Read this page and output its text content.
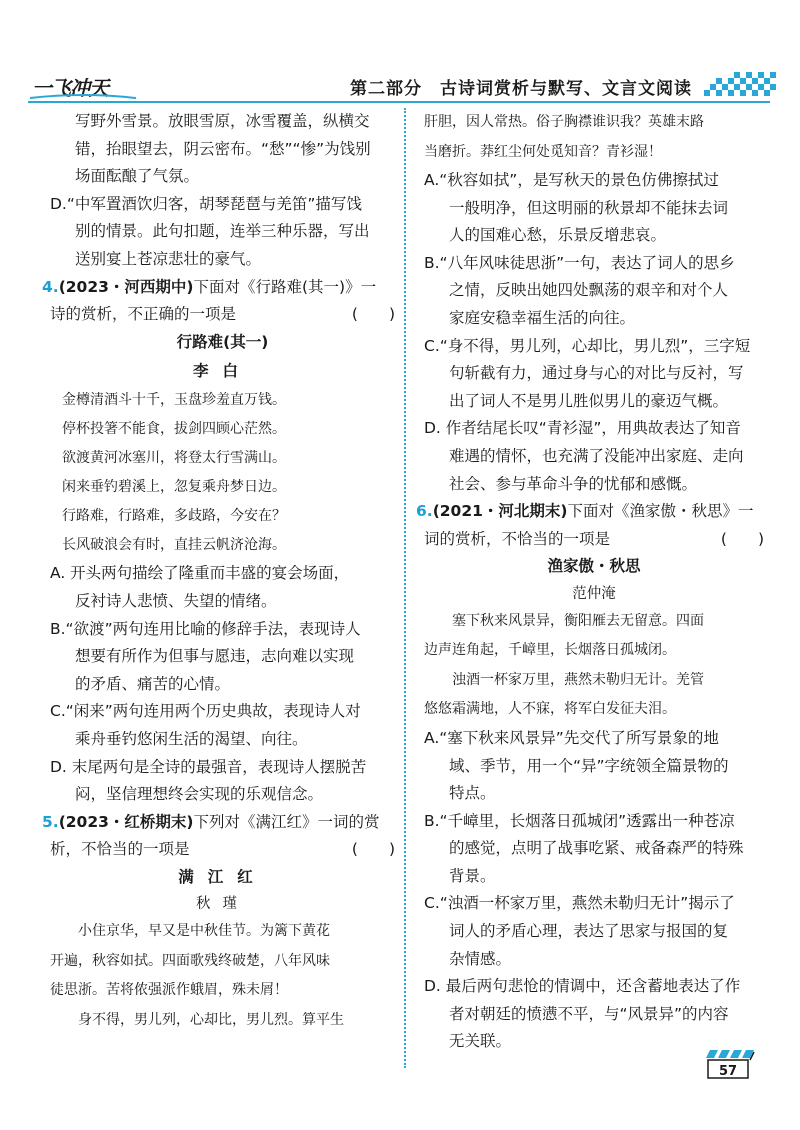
一飞冲天	第二部分　古诗词赏析与默写、文言文阅读

写野外雪景。放眼雪原，冰雪覆盖，纵横交

错，抬眼望去，阴云密布。“愁”“惨”为饯别

场面酝酿了气氛。

D.“中军置酒饮归客，胡琴琵琶与羌笛”描写饯

别的情景。此句扣题，连举三种乐器，写出

送别宴上苍凉悲壮的豪气。

4.(2023・河西期中)下面对《行路难(其一)》一

诗的赏析，不正确的一项是	(　　)

行路难(其一)

李白

金樽清酒斗十千，玉盘珍羞直万钱。

停杯投箸不能食，拔剑四顾心茫然。

欲渡黄河冰塞川，将登太行雪满山。

闲来垂钓碧溪上，忽复乘舟梦日边。

行路难，行路难，多歧路，今安在？

长风破浪会有时，直挂云帆济沧海。

A. 开头两句描绘了隆重而丰盛的宴会场面，

反衬诗人悲愤、失望的情绪。

B.“欲渡”两句连用比喻的修辞手法，表现诗人

想要有所作为但事与愿违，志向难以实现

的矛盾、痛苦的心情。

C.“闲来”两句连用两个历史典故，表现诗人对

乘舟垂钓悠闲生活的渴望、向往。

D. 末尾两句是全诗的最强音，表现诗人摆脱苦

闷，坚信理想终会实现的乐观信念。

5.(2023・红桥期末)下列对《满江红》一词的赏

析，不恰当的一项是	(　　)

满江红

秋瑾

小住京华，早又是中秋佳节。为篱下黄花

开遍，秋容如拭。四面歌残终破楚，八年风味

徒思浙。苦将侬强派作蛾眉，殊未屑！

身不得，男儿列，心却比，男儿烈。算平生

肝胆，因人常热。俗子胸襟谁识我？英雄末路

当磨折。莽红尘何处觅知音？青衫湿！

A.“秋容如拭”，是写秋天的景色仿佛擦拭过

一般明净，但这明丽的秋景却不能抹去词

人的国难心愁，乐景反增悲哀。

B.“八年风味徒思浙”一句，表达了词人的思乡

之情，反映出她四处飘荡的艰辛和对个人

家庭安稳幸福生活的向往。

C.“身不得，男儿列，心却比，男儿烈”，三字短

句斩截有力，通过身与心的对比与反衬，写

出了词人不是男儿胜似男儿的豪迈气概。

D. 作者结尾长叹“青衫湿”，用典故表达了知音

难遇的情怀，也充满了没能冲出家庭、走向

社会、参与革命斗争的忧郁和感慨。

6.(2021・河北期末)下面对《渔家傲・秋思》一

词的赏析，不恰当的一项是	(　　)

渔家傲・秋思

范仲淹

塞下秋来风景异，衡阳雁去无留意。四面

边声连角起，千嶂里，长烟落日孤城闭。

浊酒一杯家万里，燕然未勒归无计。羌管

悠悠霜满地，人不寐，将军白发征夫泪。

A.“塞下秋来风景异”先交代了所写景象的地

域、季节，用一个“异”字统领全篇景物的

特点。

B.“千嶂里，长烟落日孤城闭”透露出一种苍凉

的感觉，点明了战事吃紧、戒备森严的特殊

背景。

C.“浊酒一杯家万里，燕然未勒归无计”揭示了

词人的矛盾心理，表达了思家与报国的复

杂情感。

D. 最后两句悲怆的情调中，还含蓄地表达了作

者对朝廷的愤懑不平，与“风景异”的内容

无关联。

57
